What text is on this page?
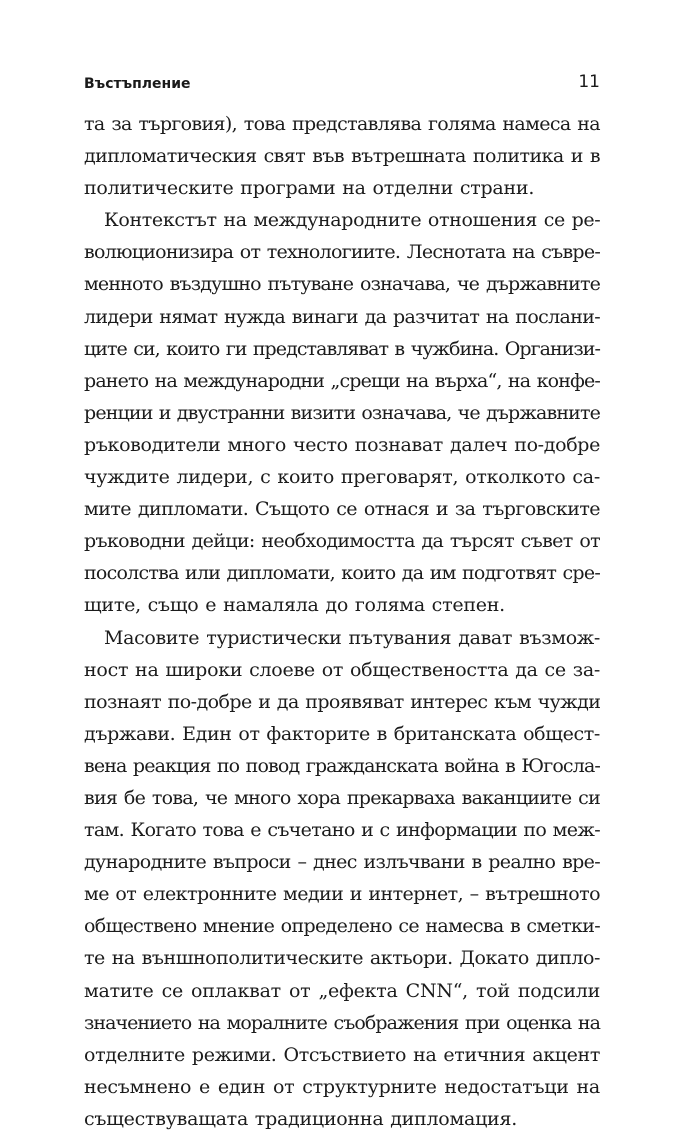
Въстъпление	11
та за търговия), това представлява голяма намеса на
дипломатическия свят във вътрешната политика и в
политическите програми на отделни страни.
Контекстът на международните отношения се ре-
волюционизира от технологиите. Леснотата на съвре-
менното въздушно пътуване означава, че държавните
лидери нямат нужда винаги да разчитат на послани-
ците си, които ги представляват в чужбина. Организи-
рането на международни „срещи на върха“, на конфе-
ренции и двустранни визити означава, че държавните
ръководители много често познават далеч по-добре
чуждите лидери, с които преговарят, отколкото са-
мите дипломати. Същото се отнася и за търговските
ръководни дейци: необходимостта да търсят съвет от
посолства или дипломати, които да им подготвят сре-
щите, също е намаляла до голяма степен.
Масовите туристически пътувания дават възмож-
ност на широки слоеве от обществеността да се за-
познаят по-добре и да проявяват интерес към чужди
държави. Един от факторите в британската общест-
вена реакция по повод гражданската война в Югосла-
вия бе това, че много хора прекарваха ваканциите си
там. Когато това е съчетано и с информации по меж-
дународните въпроси – днес излъчвани в реално вре-
ме от електронните медии и интернет, – вътрешното
обществено мнение определено се намесва в сметки-
те на външнополитическите актьори. Докато дипло-
матите се оплакват от „ефекта CNN“, той подсили
значението на моралните съображения при оценка на
отделните режими. Отсъствието на етичния акцент
несъмнено е един от структурните недостатъци на
съществуващата традиционна дипломация.
